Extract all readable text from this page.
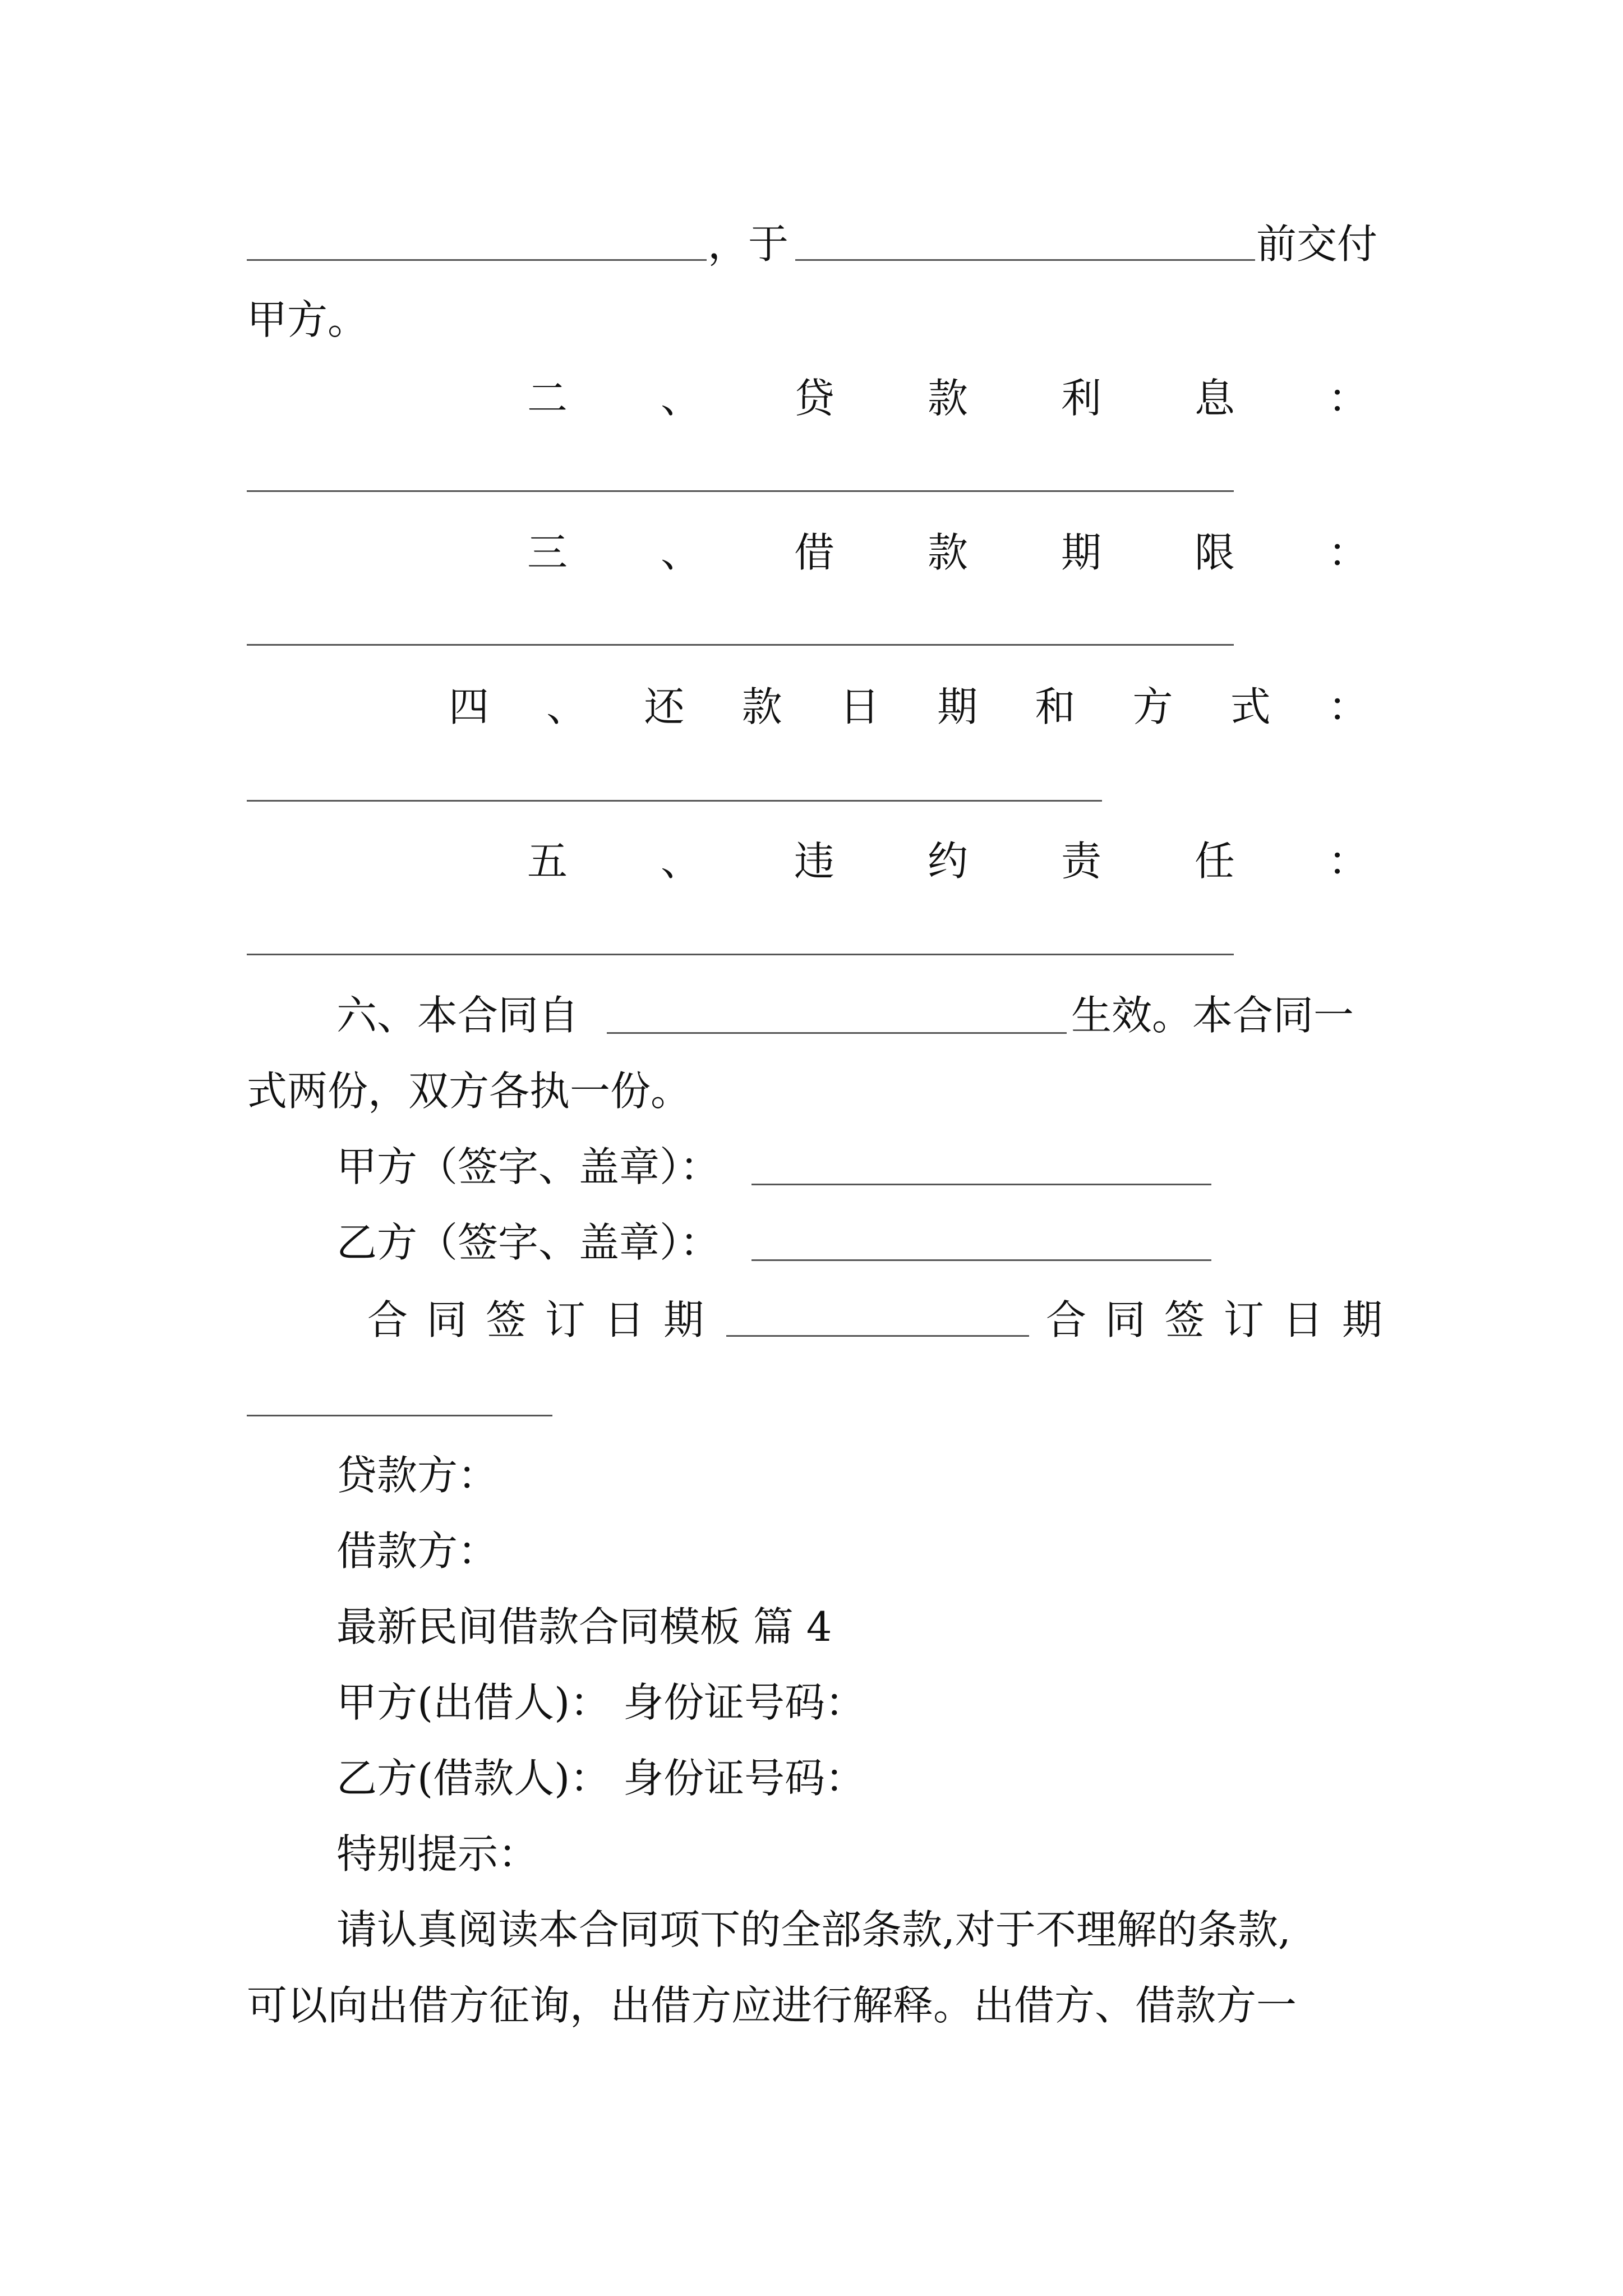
，于	前交付
甲方。
二 、 贷 款 利 息 ：
三 、 借 款 期 限 ：
四 、 还 款 日 期 和 方 式 ：
五 、 违 约 责 任 ：
六、本合同自	生效。本合同一
式两份，双方各执一份。
甲方（签字、盖章）：
乙方（签字、盖章）：
合 同 签 订 日 期	合 同 签 订 日 期
贷款方：
借款方：
最新民间借款合同模板 篇 4
甲方(出借人)： 身份证号码：
乙方(借款人)： 身份证号码：
特别提示：
请认真阅读本合同项下的全部条款,对于不理解的条款,
可以向出借方征询，出借方应进行解释。出借方、借款方一
